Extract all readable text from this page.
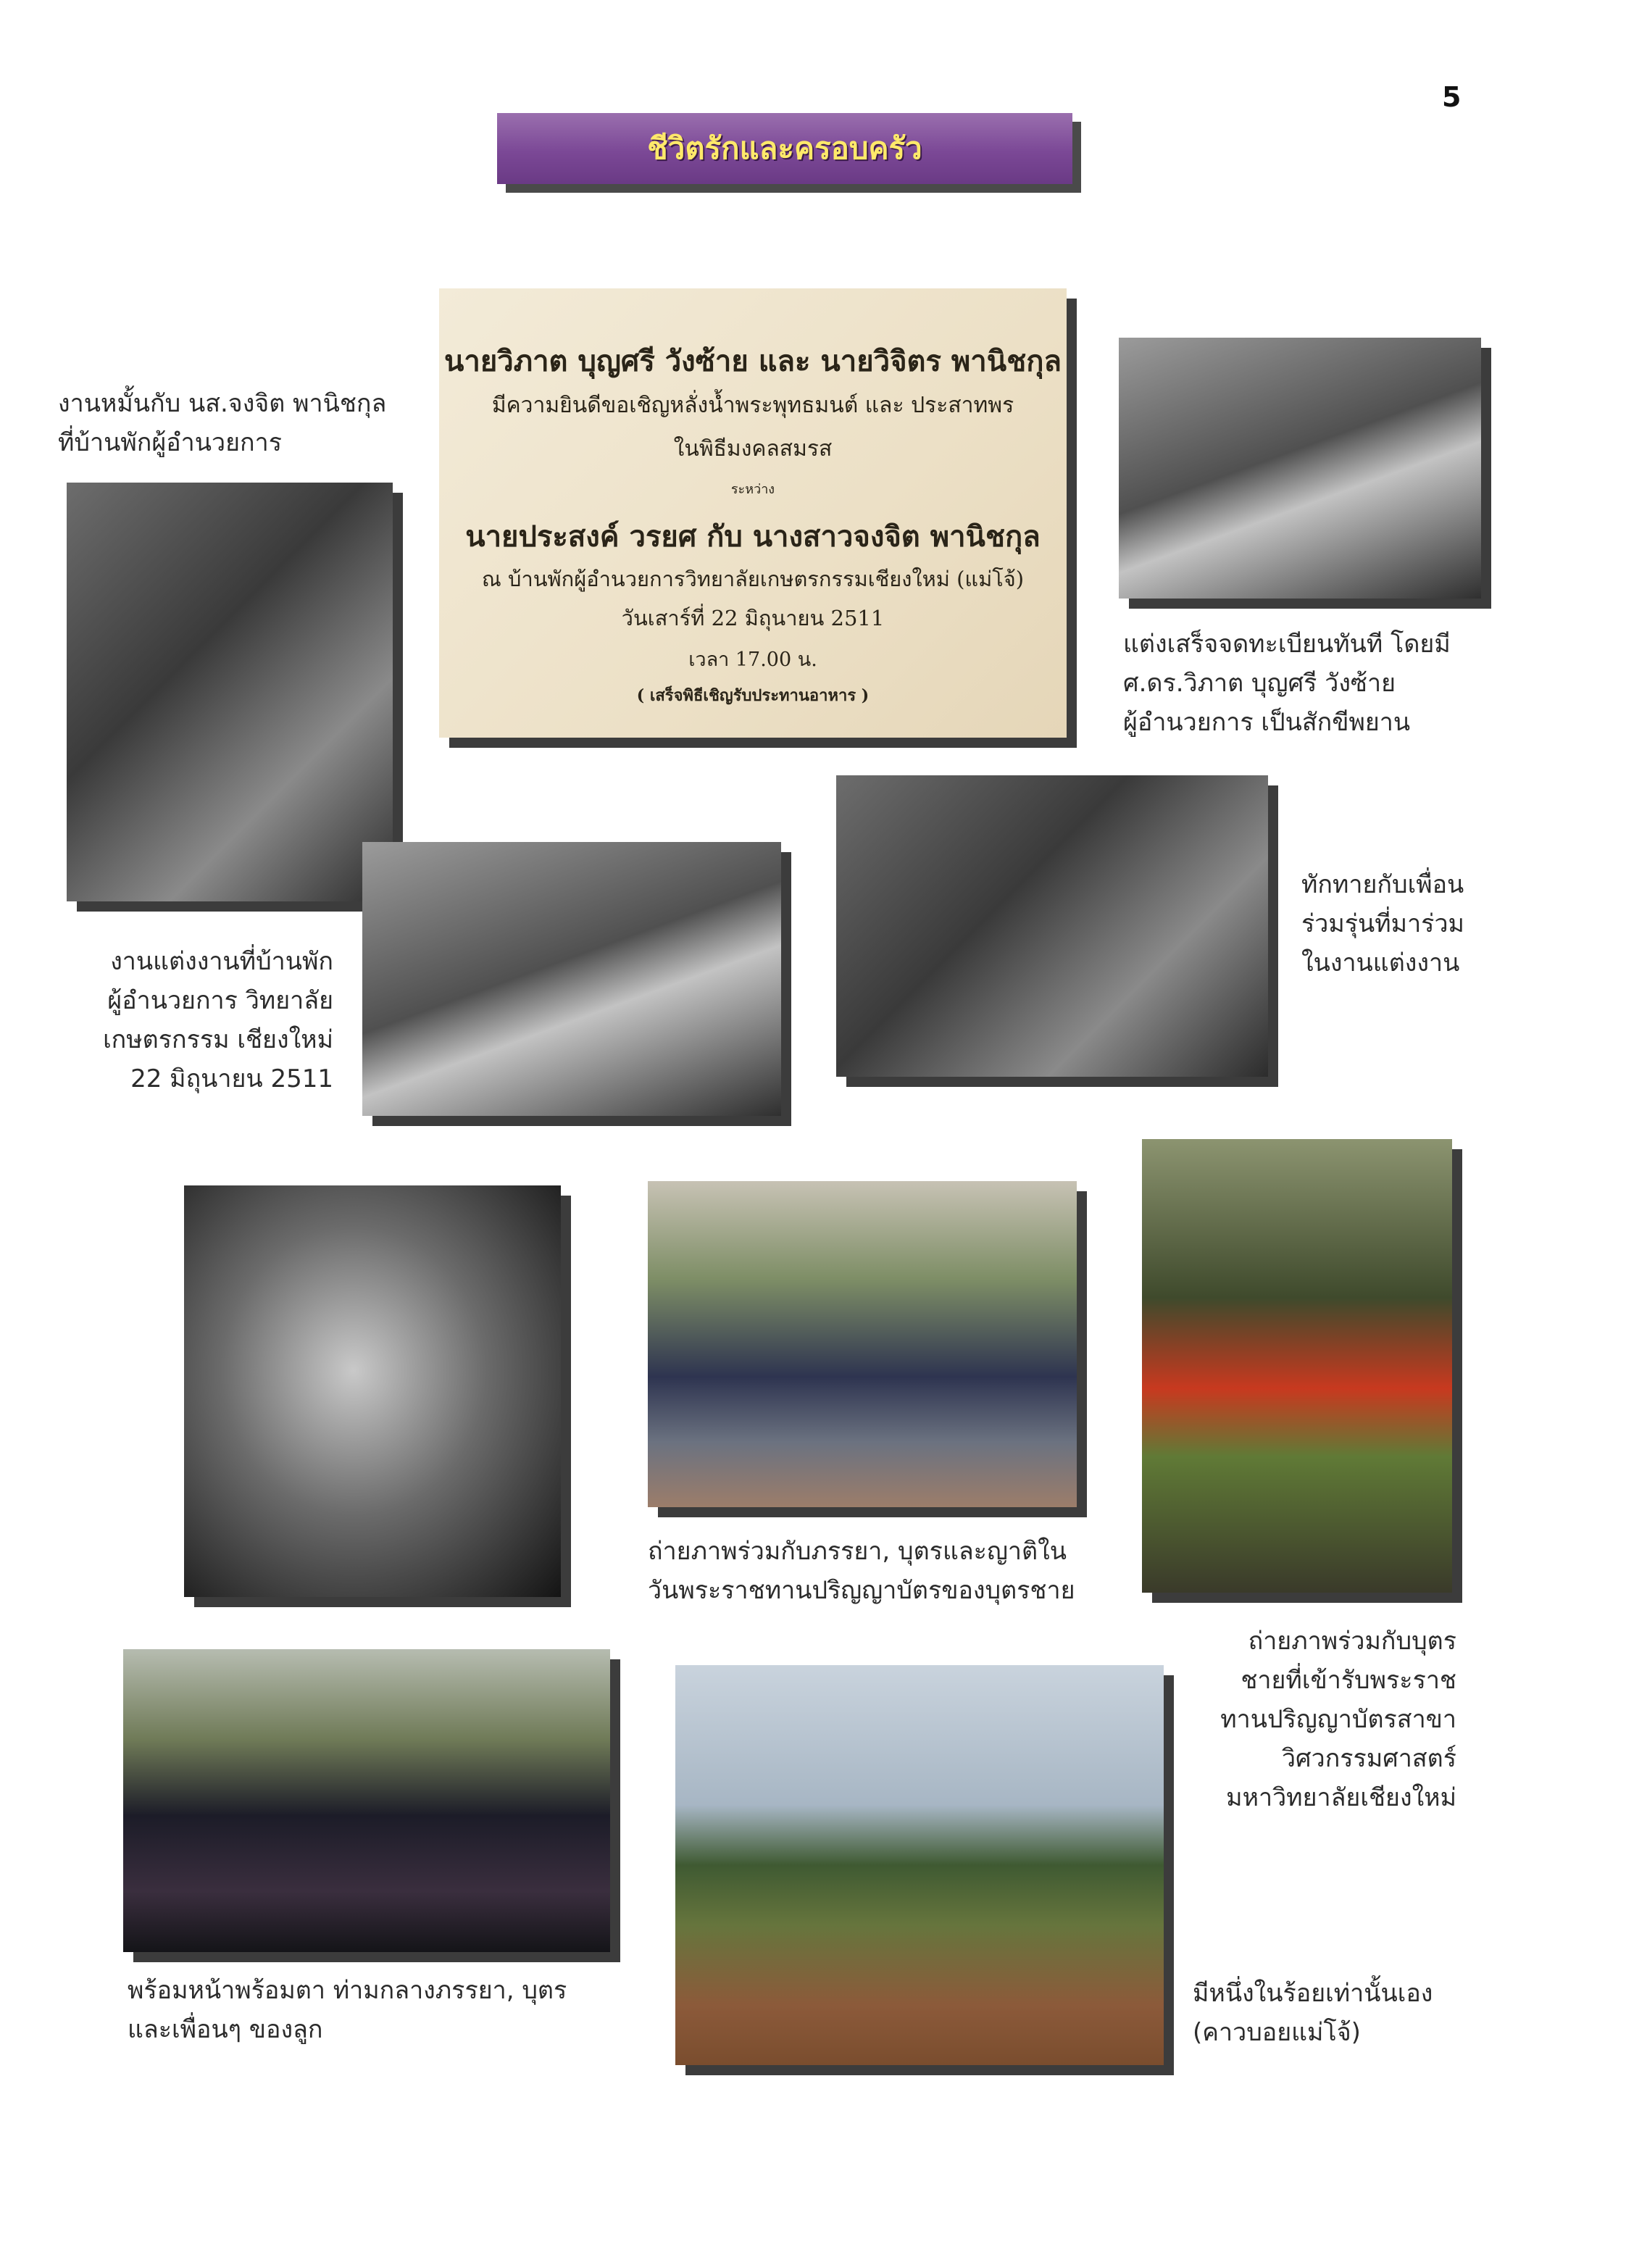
5
ชีวิตรักและครอบครัว
นายวิภาต บุญศรี วังซ้าย และ นายวิจิตร พานิชกุล
มีความยินดีขอเชิญหลั่งน้ำพระพุทธมนต์ และ ประสาทพร
ในพิธีมงคลสมรส
ระหว่าง
นายประสงค์ วรยศ กับ นางสาวจงจิต พานิชกุล
ณ บ้านพักผู้อำนวยการวิทยาลัยเกษตรกรรมเชียงใหม่ (แม่โจ้)
วันเสาร์ที่ 22 มิถุนายน 2511
เวลา 17.00 น.
( เสร็จพิธีเชิญรับประทานอาหาร )
งานหมั้นกับ นส.จงจิต พานิชกุล
ที่บ้านพักผู้อำนวยการ
แต่งเสร็จจดทะเบียนทันที โดยมี
ศ.ดร.วิภาต บุญศรี วังซ้าย
ผู้อำนวยการ เป็นสักขีพยาน
งานแต่งงานที่บ้านพัก
ผู้อำนวยการ วิทยาลัย
เกษตรกรรม เชียงใหม่
22 มิถุนายน 2511
ทักทายกับเพื่อน
ร่วมรุ่นที่มาร่วม
ในงานแต่งงาน
ถ่ายภาพร่วมกับภรรยา, บุตรและญาติใน
วันพระราชทานปริญญาบัตรของบุตรชาย
ถ่ายภาพร่วมกับบุตร
ชายที่เข้ารับพระราช
ทานปริญญาบัตรสาขา
วิศวกรรมศาสตร์
มหาวิทยาลัยเชียงใหม่
พร้อมหน้าพร้อมตา ท่ามกลางภรรยา, บุตร
และเพื่อนๆ ของลูก
มีหนึ่งในร้อยเท่านั้นเอง
(คาวบอยแม่โจ้)
